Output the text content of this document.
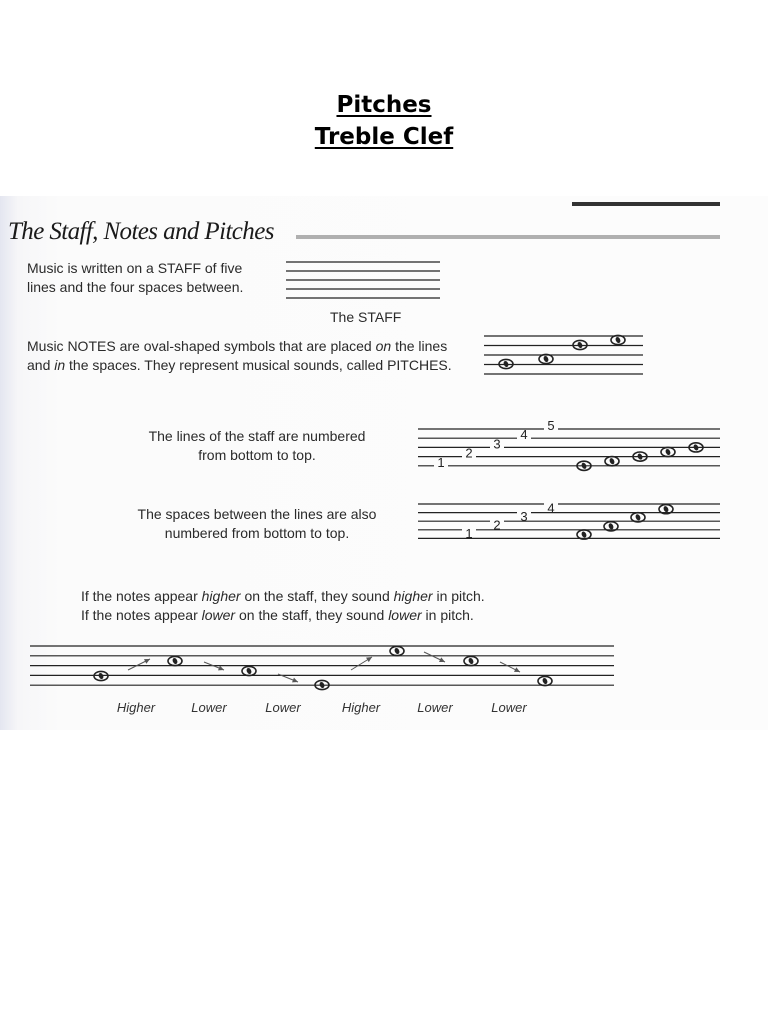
Pitches
Treble Clef
The Staff, Notes and Pitches
Music is written on a STAFF of five
lines and the four spaces between.
The STAFF
Music NOTES are oval-shaped symbols that are placed on the lines
and in the spaces. They represent musical sounds, called PITCHES.
The lines of the staff are numbered
from bottom to top.
The spaces between the lines are also
numbered from bottom to top.
If the notes appear higher on the staff, they sound higher in pitch.
If the notes appear lower on the staff, they sound lower in pitch.
1
2
3
4
5
1
2
3
4
Higher	Lower	Lower	Higher	Lower	Lower
